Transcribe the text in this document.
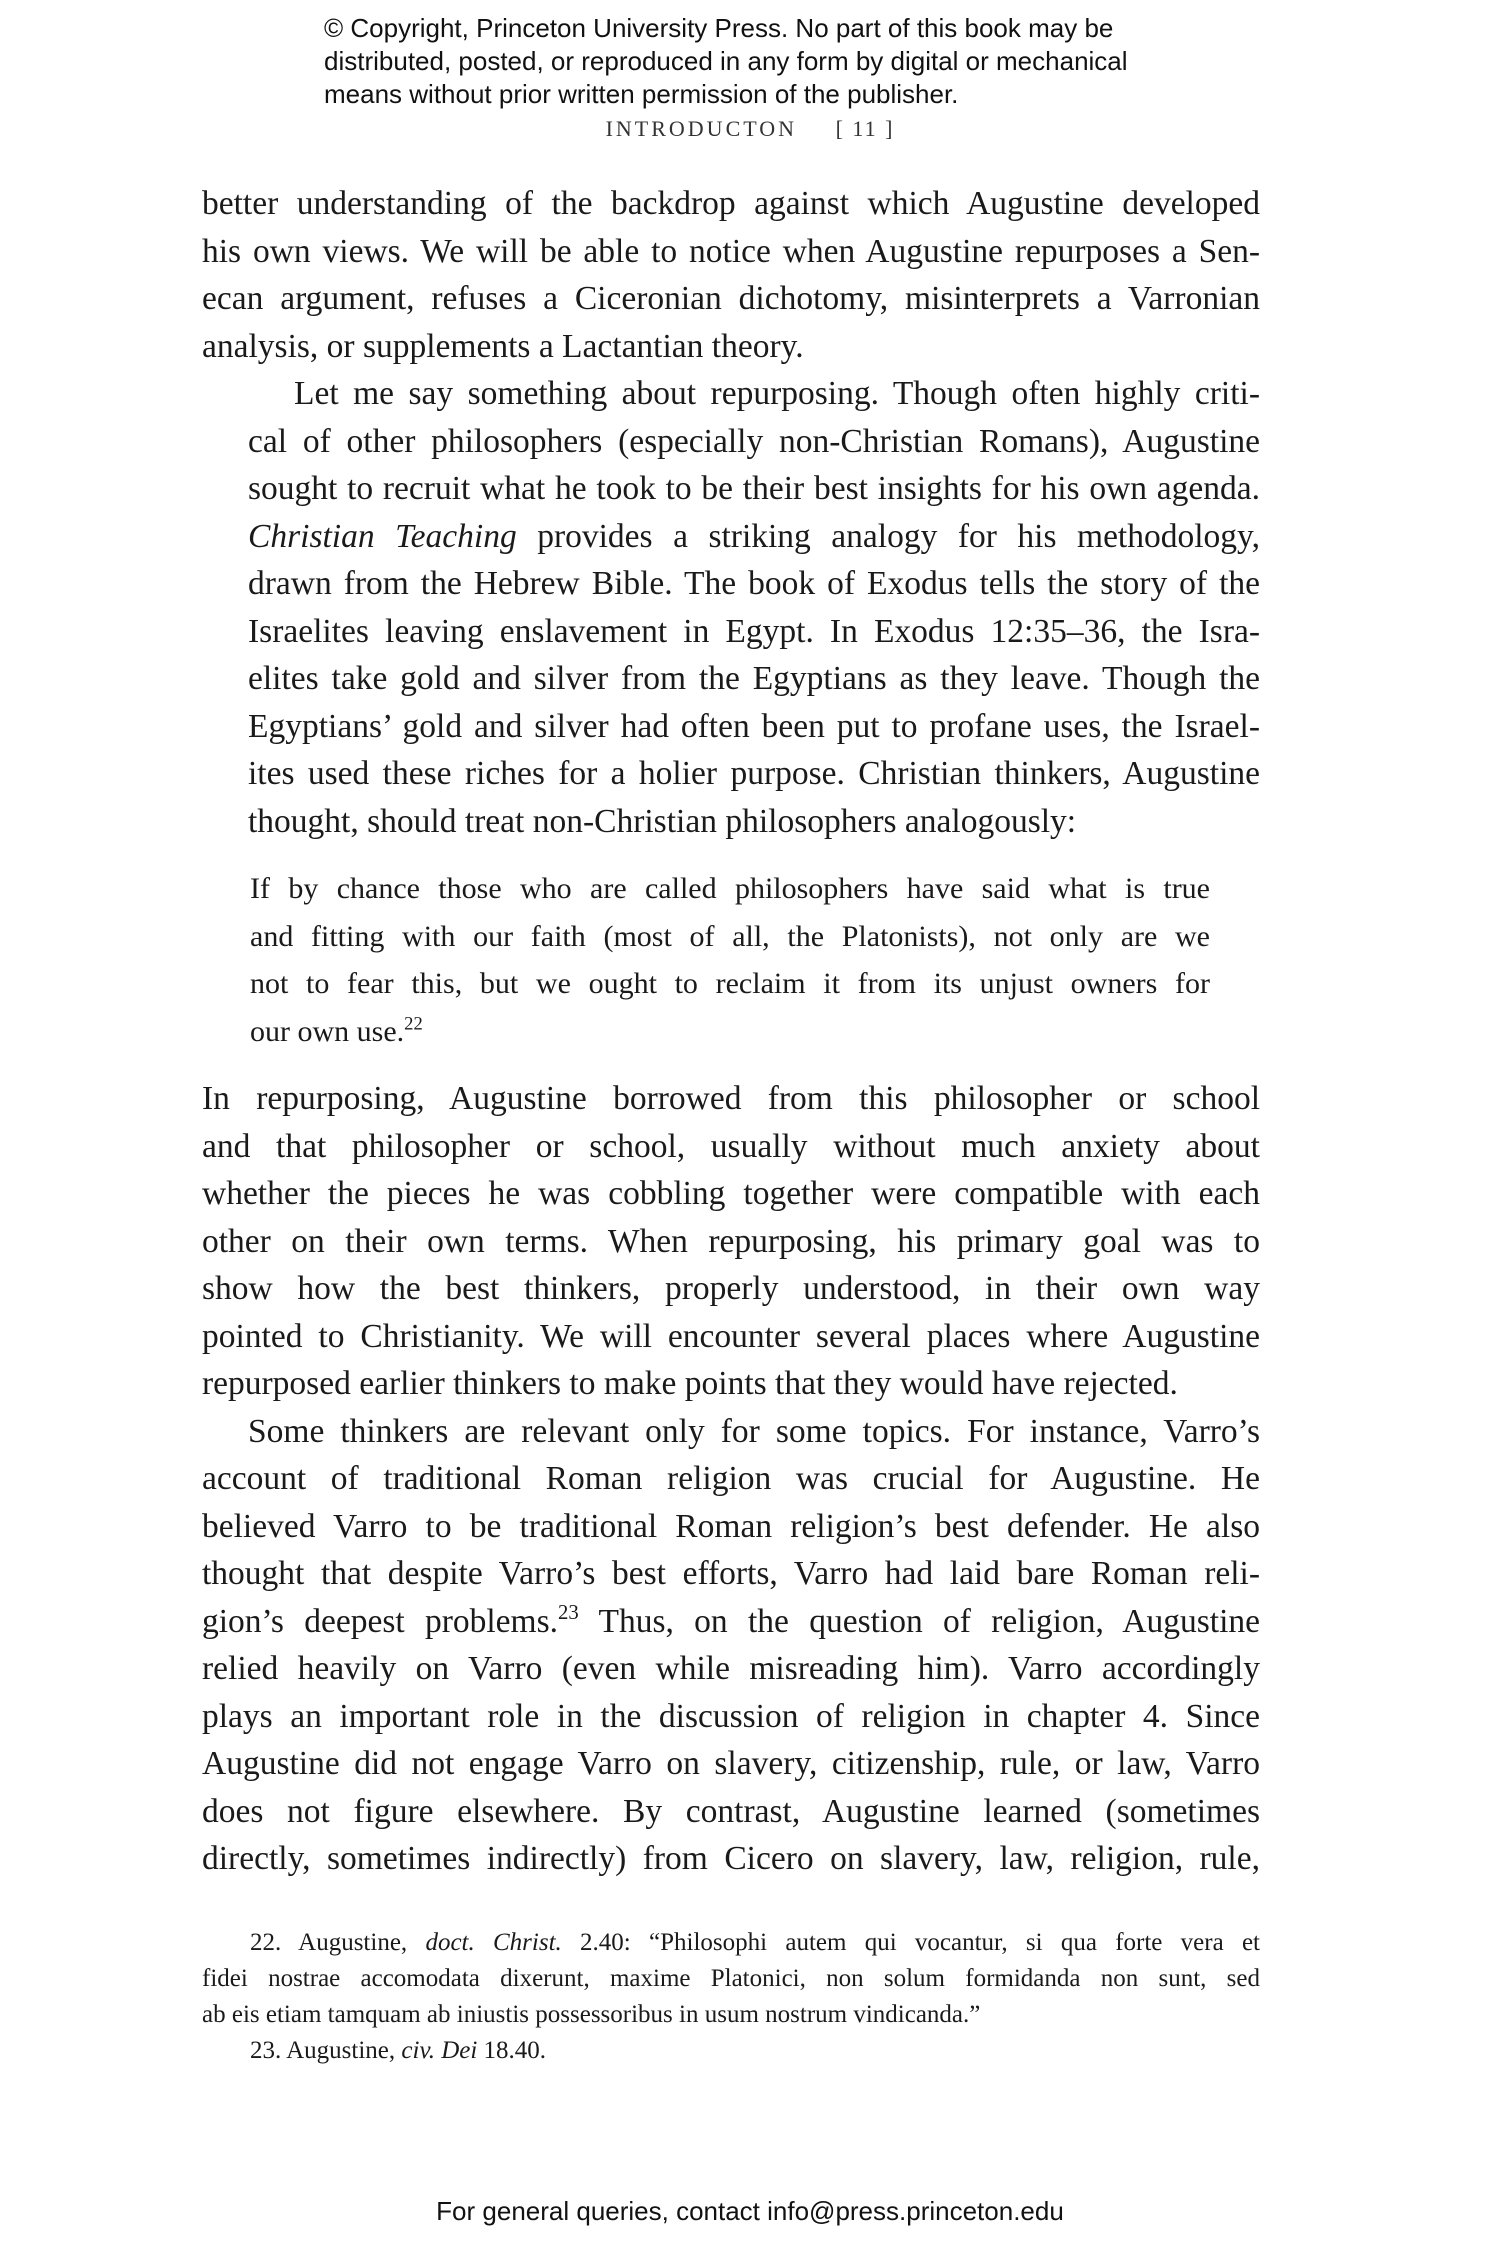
© Copyright, Princeton University Press. No part of this book may be
distributed, posted, or reproduced in any form by digital or mechanical
means without prior written permission of the publisher.
INTRODUCTON [ 11 ]

better understanding of the backdrop against which Augustine developed
his own views. We will be able to notice when Augustine repurposes a Sen-
ecan argument, refuses a Ciceronian dichotomy, misinterprets a Varronian
analysis, or supplements a Lactantian theory.

Let me say something about repurposing. Though often highly criti-
cal of other philosophers (especially non-Christian Romans), Augustine
sought to recruit what he took to be their best insights for his own agenda.
Christian Teaching provides a striking analogy for his methodology,
drawn from the Hebrew Bible. The book of Exodus tells the story of the
Israelites leaving enslavement in Egypt. In Exodus 12:35–36, the Isra-
elites take gold and silver from the Egyptians as they leave. Though the
Egyptians’ gold and silver had often been put to profane uses, the Israel-
ites used these riches for a holier purpose. Christian thinkers, Augustine
thought, should treat non-Christian philosophers analogously:

If by chance those who are called philosophers have said what is true
and fitting with our faith (most of all, the Platonists), not only are we
not to fear this, but we ought to reclaim it from its unjust owners for
our own use.$^{22}$

In repurposing, Augustine borrowed from this philosopher or school
and that philosopher or school, usually without much anxiety about
whether the pieces he was cobbling together were compatible with each
other on their own terms. When repurposing, his primary goal was to
show how the best thinkers, properly understood, in their own way
pointed to Christianity. We will encounter several places where Augustine
repurposed earlier thinkers to make points that they would have rejected.

Some thinkers are relevant only for some topics. For instance, Varro’s
account of traditional Roman religion was crucial for Augustine. He
believed Varro to be traditional Roman religion’s best defender. He also
thought that despite Varro’s best efforts, Varro had laid bare Roman reli-
gion’s deepest problems.$^{23}$ Thus, on the question of religion, Augustine
relied heavily on Varro (even while misreading him). Varro accordingly
plays an important role in the discussion of religion in chapter 4. Since
Augustine did not engage Varro on slavery, citizenship, rule, or law, Varro
does not figure elsewhere. By contrast, Augustine learned (sometimes
directly, sometimes indirectly) from Cicero on slavery, law, religion, rule,

22. Augustine, doct. Christ. 2.40: “Philosophi autem qui vocantur, si qua forte vera et
fidei nostrae accomodata dixerunt, maxime Platonici, non solum formidanda non sunt, sed
ab eis etiam tamquam ab iniustis possessoribus in usum nostrum vindicanda.”
23. Augustine, civ. Dei 18.40.
For general queries, contact info@press.princeton.edu
